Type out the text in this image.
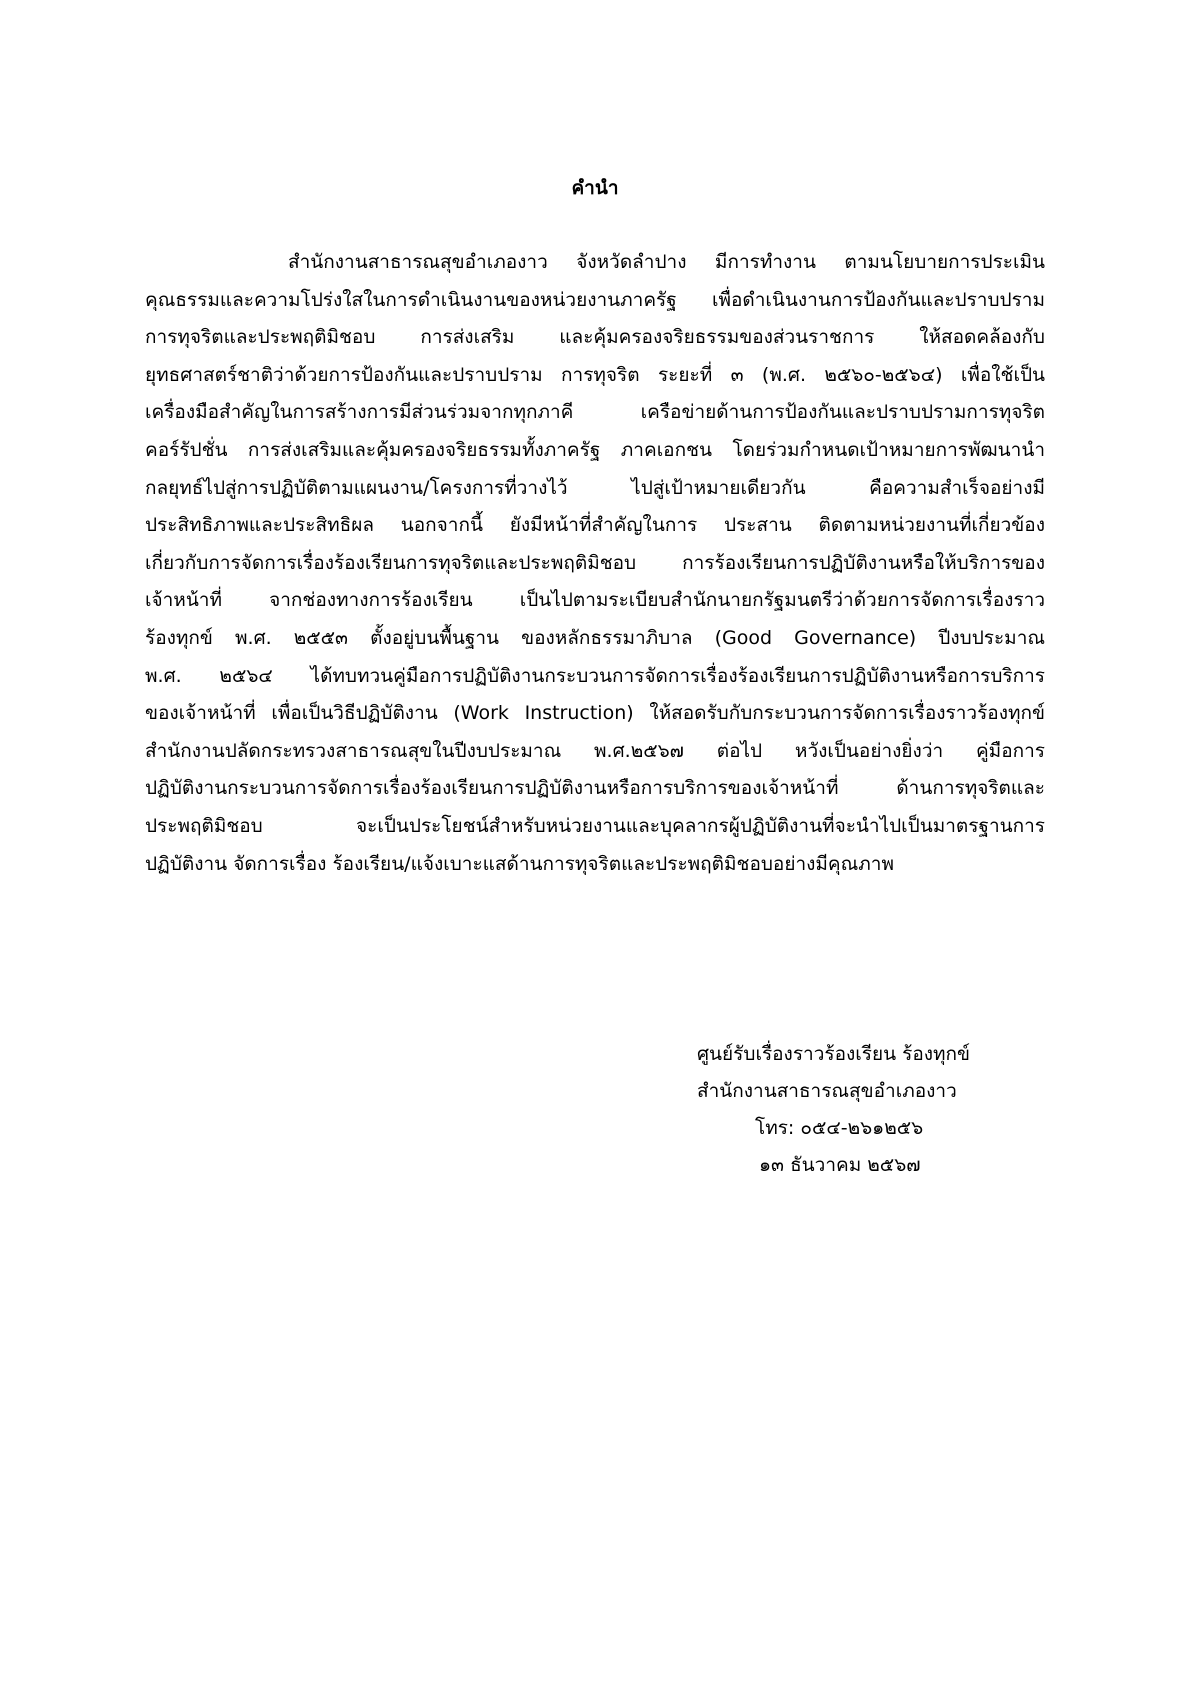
คำนำ
สำนักงานสาธารณสุขอำเภองาว จังหวัดลำปาง มีการทำงาน ตามนโยบายการประเมิน
คุณธรรมและความโปร่งใสในการดำเนินงานของหน่วยงานภาครัฐ เพื่อดำเนินงานการป้องกันและปราบปราม
การทุจริตและประพฤติมิชอบ การส่งเสริม และคุ้มครองจริยธรรมของส่วนราชการ ให้สอดคล้องกับ
ยุทธศาสตร์ชาติว่าด้วยการป้องกันและปราบปราม การทุจริต ระยะที่ ๓ (พ.ศ. ๒๕๖๐-๒๕๖๔) เพื่อใช้เป็น
เครื่องมือสำคัญในการสร้างการมีส่วนร่วมจากทุกภาคี เครือข่ายด้านการป้องกันและปราบปรามการทุจริต
คอร์รัปชั่น การส่งเสริมและคุ้มครองจริยธรรมทั้งภาครัฐ ภาคเอกชน โดยร่วมกำหนดเป้าหมายการพัฒนานำ
กลยุทธ์ไปสู่การปฏิบัติตามแผนงาน/โครงการที่วางไว้ ไปสู่เป้าหมายเดียวกัน คือความสำเร็จอย่างมี
ประสิทธิภาพและประสิทธิผล นอกจากนี้ ยังมีหน้าที่สำคัญในการ ประสาน ติดตามหน่วยงานที่เกี่ยวข้อง
เกี่ยวกับการจัดการเรื่องร้องเรียนการทุจริตและประพฤติมิชอบ การร้องเรียนการปฏิบัติงานหรือให้บริการของ
เจ้าหน้าที่ จากช่องทางการร้องเรียน เป็นไปตามระเบียบสำนักนายกรัฐมนตรีว่าด้วยการจัดการเรื่องราว
ร้องทุกข์ พ.ศ. ๒๕๕๓ ตั้งอยู่บนพื้นฐาน ของหลักธรรมาภิบาล (Good Governance) ปีงบประมาณ
พ.ศ. ๒๕๖๔ ได้ทบทวนคู่มือการปฏิบัติงานกระบวนการจัดการเรื่องร้องเรียนการปฏิบัติงานหรือการบริการ
ของเจ้าหน้าที่ เพื่อเป็นวิธีปฏิบัติงาน (Work Instruction) ให้สอดรับกับกระบวนการจัดการเรื่องราวร้องทุกข์
สำนักงานปลัดกระทรวงสาธารณสุขในปีงบประมาณ พ.ศ.๒๕๖๗ ต่อไป หวังเป็นอย่างยิ่งว่า คู่มือการ
ปฏิบัติงานกระบวนการจัดการเรื่องร้องเรียนการปฏิบัติงานหรือการบริการของเจ้าหน้าที่ ด้านการทุจริตและ
ประพฤติมิชอบ จะเป็นประโยชน์สำหรับหน่วยงานและบุคลากรผู้ปฏิบัติงานที่จะนำไปเป็นมาตรฐานการ
ปฏิบัติงาน จัดการเรื่อง ร้องเรียน/แจ้งเบาะแสด้านการทุจริตและประพฤติมิชอบอย่างมีคุณภาพ
ศูนย์รับเรื่องราวร้องเรียน ร้องทุกข์
สำนักงานสาธารณสุขอำเภองาว
โทร: ๐๕๔-๒๖๑๒๕๖
๑๓ ธันวาคม ๒๕๖๗
